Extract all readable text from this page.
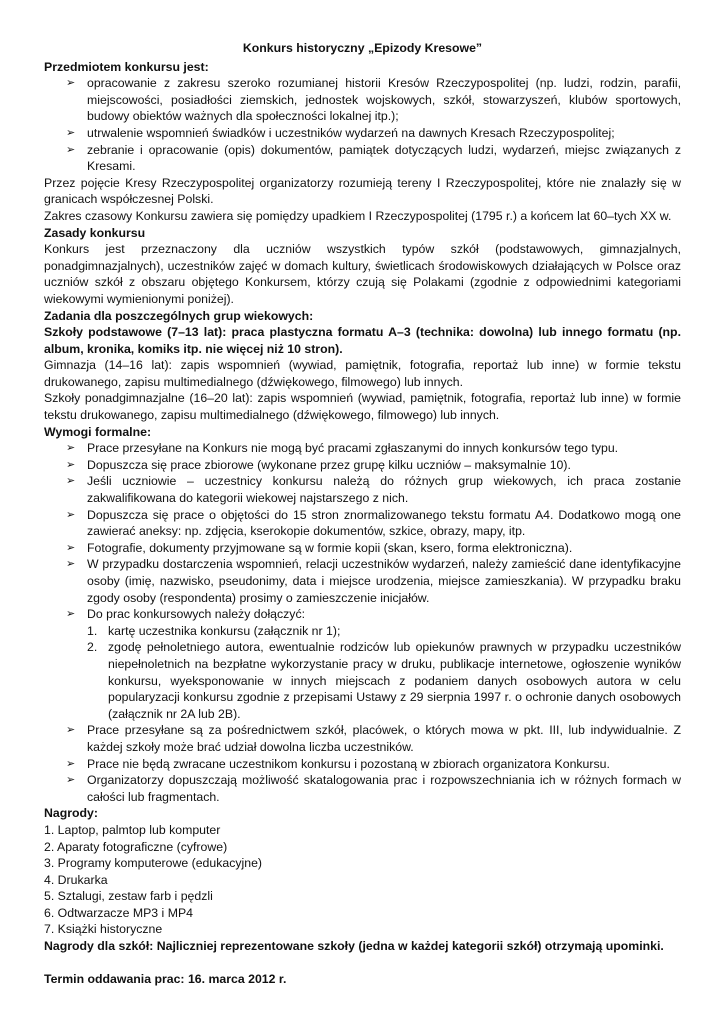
Konkurs historyczny „Epizody Kresowe”
Przedmiotem konkursu jest:
➢ opracowanie z zakresu szeroko rozumianej historii Kresów Rzeczypospolitej (np. ludzi, rodzin, parafii, miejscowości, posiadłości ziemskich, jednostek wojskowych, szkół, stowarzyszeń, klubów sportowych, budowy obiektów ważnych dla społeczności lokalnej itp.);
➢ utrwalenie wspomnień świadków i uczestników wydarzeń na dawnych Kresach Rzeczypospolitej;
➢ zebranie i opracowanie (opis) dokumentów, pamiątek dotyczących ludzi, wydarzeń, miejsc związanych z Kresami.
Przez pojęcie Kresy Rzeczypospolitej organizatorzy rozumieją tereny I Rzeczypospolitej, które nie znalazły się w granicach współczesnej Polski.
Zakres czasowy Konkursu zawiera się pomiędzy upadkiem I Rzeczypospolitej (1795 r.) a końcem lat 60–tych XX w.
Zasady konkursu
Konkurs jest przeznaczony dla uczniów wszystkich typów szkół (podstawowych, gimnazjalnych, ponadgimnazjalnych), uczestników zajęć w domach kultury, świetlicach środowiskowych działających w Polsce oraz uczniów szkół z obszaru objętego Konkursem, którzy czują się Polakami (zgodnie z odpowiednimi kategoriami wiekowymi wymienionymi poniżej).
Zadania dla poszczególnych grup wiekowych:
Szkoły podstawowe (7–13 lat): praca plastyczna formatu A–3 (technika: dowolna) lub innego formatu (np. album, kronika, komiks itp. nie więcej niż 10 stron).
Gimnazja (14–16 lat): zapis wspomnień (wywiad, pamiętnik, fotografia, reportaż lub inne) w formie tekstu drukowanego, zapisu multimedialnego (dźwiękowego, filmowego) lub innych.
Szkoły ponadgimnazjalne (16–20 lat): zapis wspomnień (wywiad, pamiętnik, fotografia, reportaż lub inne) w formie tekstu drukowanego, zapisu multimedialnego (dźwiękowego, filmowego) lub innych.
Wymogi formalne:
➢ Prace przesyłane na Konkurs nie mogą być pracami zgłaszanymi do innych konkursów tego typu.
➢ Dopuszcza się prace zbiorowe (wykonane przez grupę kilku uczniów – maksymalnie 10).
➢ Jeśli uczniowie – uczestnicy konkursu należą do różnych grup wiekowych, ich praca zostanie zakwalifikowana do kategorii wiekowej najstarszego z nich.
➢ Dopuszcza się prace o objętości do 15 stron znormalizowanego tekstu formatu A4. Dodatkowo mogą one zawierać aneksy: np. zdjęcia, kserokopie dokumentów, szkice, obrazy, mapy, itp.
➢ Fotografie, dokumenty przyjmowane są w formie kopii (skan, ksero, forma elektroniczna).
➢ W przypadku dostarczenia wspomnień, relacji uczestników wydarzeń, należy zamieścić dane identyfikacyjne osoby (imię, nazwisko, pseudonimy, data i miejsce urodzenia, miejsce zamieszkania). W przypadku braku zgody osoby (respondenta) prosimy o zamieszczenie inicjałów.
➢ Do prac konkursowych należy dołączyć:
1. kartę uczestnika konkursu (załącznik nr 1);
2. zgodę pełnoletniego autora, ewentualnie rodziców lub opiekunów prawnych w przypadku uczestników niepełnoletnich na bezpłatne wykorzystanie pracy w druku, publikacje internetowe, ogłoszenie wyników konkursu, wyeksponowanie w innych miejscach z podaniem danych osobowych autora w celu popularyzacji konkursu zgodnie z przepisami Ustawy z 29 sierpnia 1997 r. o ochronie danych osobowych (załącznik nr 2A lub 2B).
➢ Prace przesyłane są za pośrednictwem szkół, placówek, o których mowa w pkt. III, lub indywidualnie. Z każdej szkoły może brać udział dowolna liczba uczestników.
➢ Prace nie będą zwracane uczestnikom konkursu i pozostaną w zbiorach organizatora Konkursu.
➢ Organizatorzy dopuszczają możliwość skatalogowania prac i rozpowszechniania ich w różnych formach w całości lub fragmentach.
Nagrody:
1. Laptop, palmtop lub komputer
2. Aparaty fotograficzne (cyfrowe)
3. Programy komputerowe (edukacyjne)
4. Drukarka
5. Sztalugi, zestaw farb i pędzli
6. Odtwarzacze MP3 i MP4
7. Książki historyczne
Nagrody dla szkół: Najliczniej reprezentowane szkoły (jedna w każdej kategorii szkół) otrzymają upominki.
Termin oddawania prac: 16. marca 2012 r.
